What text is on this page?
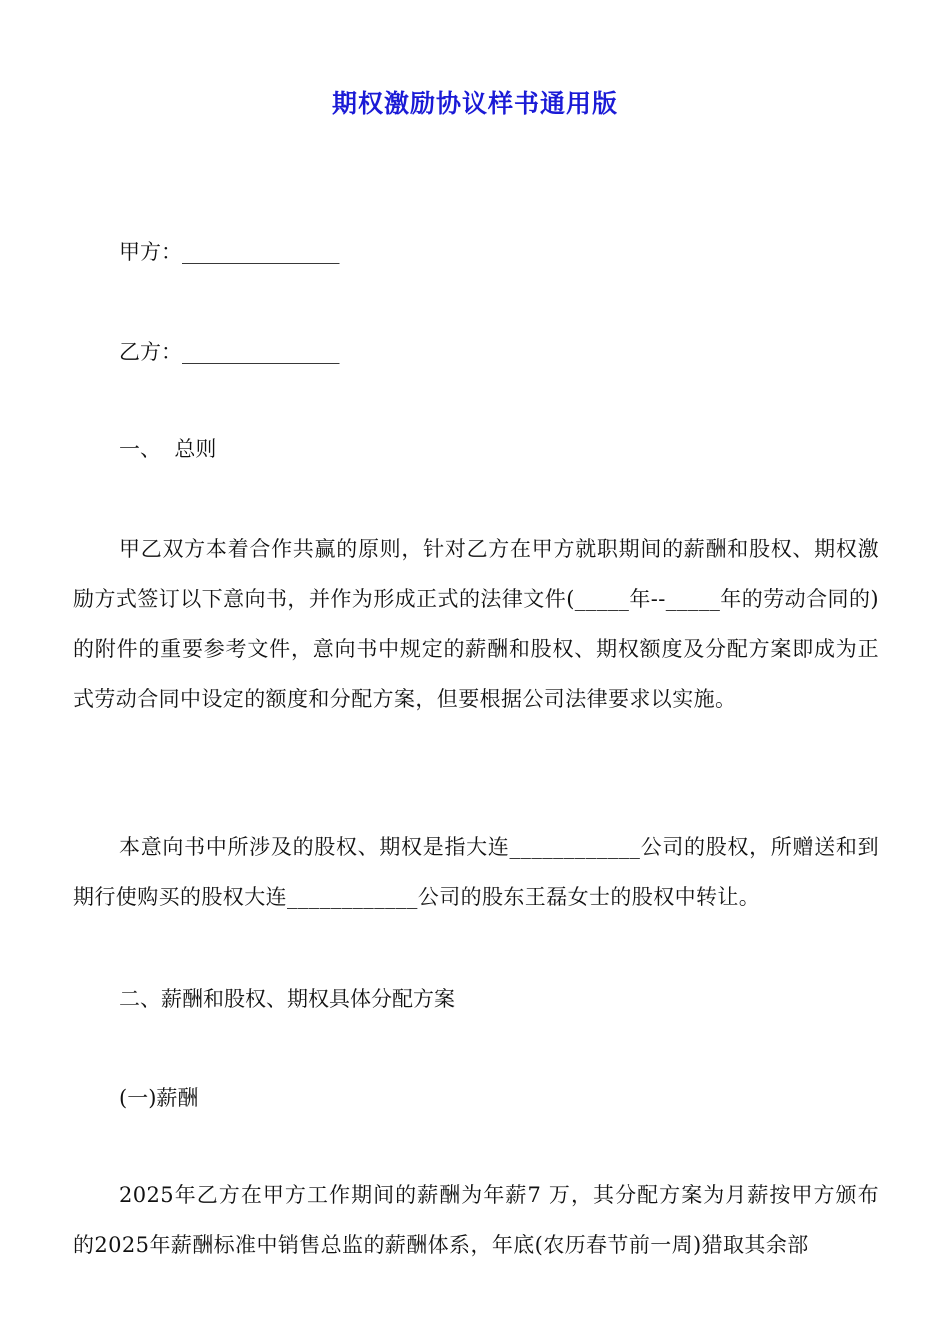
期权激励协议样书通用版
甲方：_______________
乙方：_______________
一、  总则
甲乙双方本着合作共赢的原则，针对乙方在甲方就职期间的薪酬和股权、期权激励方式签订以下意向书，并作为形成正式的法律文件(_____年--_____年的劳动合同的)的附件的重要参考文件，意向书中规定的薪酬和股权、期权额度及分配方案即成为正式劳动合同中设定的额度和分配方案，但要根据公司法律要求以实施。
本意向书中所涉及的股权、期权是指大连____________公司的股权，所赠送和到期行使购买的股权大连____________公司的股东王磊女士的股权中转让。
二、薪酬和股权、期权具体分配方案
(一)薪酬
2025年乙方在甲方工作期间的薪酬为年薪7 万，其分配方案为月薪按甲方颁布的2025年薪酬标准中销售总监的薪酬体系，年底(农历春节前一周)猎取其余部
